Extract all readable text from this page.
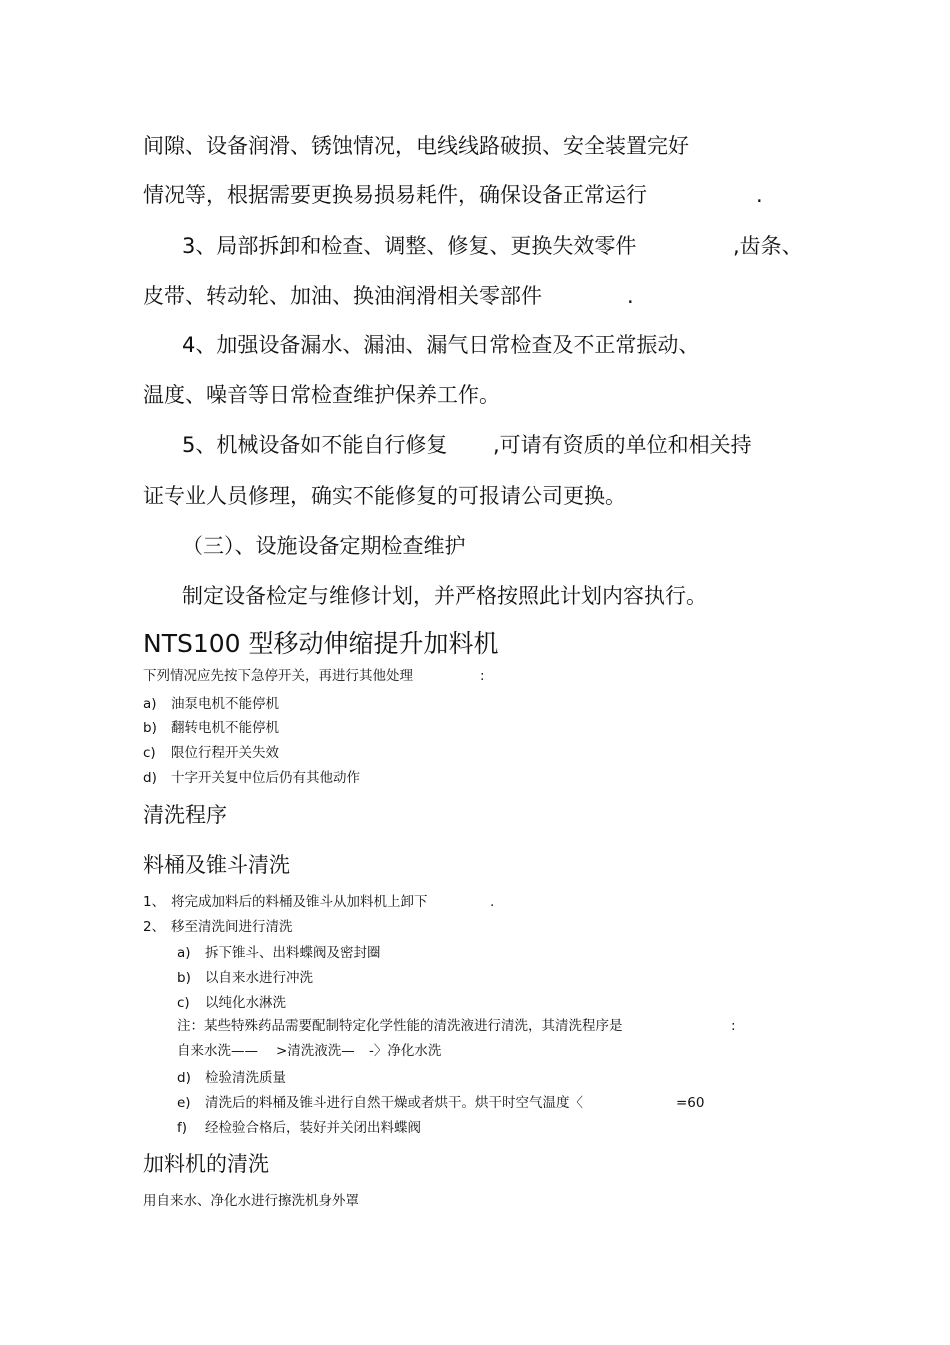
间隙、设备润滑、锈蚀情况，电线线路破损、安全装置完好
情况等，根据需要更换易损易耗件，确保设备正常运行	.
3、局部拆卸和检查、调整、修复、更换失效零件	,齿条、
皮带、转动轮、加油、换油润滑相关零部件	.
4、加强设备漏水、漏油、漏气日常检查及不正常振动、
温度、噪音等日常检查维护保养工作。
5、机械设备如不能自行修复 ,可请有资质的单位和相关持
证专业人员修理，确实不能修复的可报请公司更换。
（三）、设施设备定期检查维护
制定设备检定与维修计划，并严格按照此计划内容执行。
NTS100 型移动伸缩提升加料机
下列情况应先按下急停开关，再进行其他处理	:
a) 油泵电机不能停机
b) 翻转电机不能停机
c) 限位行程开关失效
d) 十字开关复中位后仍有其他动作
清洗程序
料桶及锥斗清洗
1、 将完成加料后的料桶及锥斗从加料机上卸下	.
2、 移至清洗间进行清洗
a) 拆下锥斗、出料蝶阀及密封圈
b) 以自来水进行冲洗
c) 以纯化水淋洗
注：某些特殊药品需要配制特定化学性能的清洗液进行清洗，其清洗程序是	:
自来水洗—— >清洗液洗— -〉净化水洗
d) 检验清洗质量
e) 清洗后的料桶及锥斗进行自然干燥或者烘干。烘干时空气温度〈	=60
f) 经检验合格后，装好并关闭出料蝶阀
加料机的清洗
用自来水、净化水进行擦洗机身外罩
